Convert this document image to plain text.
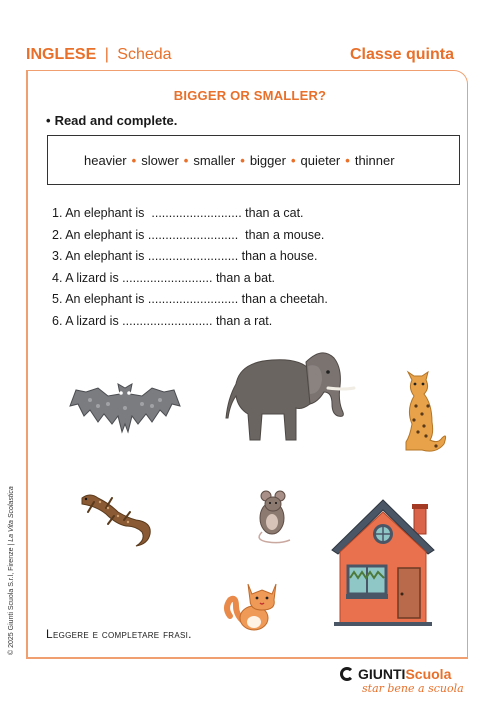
INGLESE | Scheda	Classe quinta
BIGGER OR SMALLER?
• Read and complete.
heavier • slower • smaller • bigger • quieter • thinner
1. An elephant is  .......................... than a cat.
2. An elephant is ..........................  than a mouse.
3. An elephant is .......................... than a house.
4. A lizard is .......................... than a bat.
5. An elephant is .......................... than a cheetah.
6. A lizard is .......................... than a rat.
Leggere e completare frasi.
© 2025 Giunti Scuola S.r.l, Firenze | La Vita Scolastica
GIUNTIScuola
star bene a scuola
